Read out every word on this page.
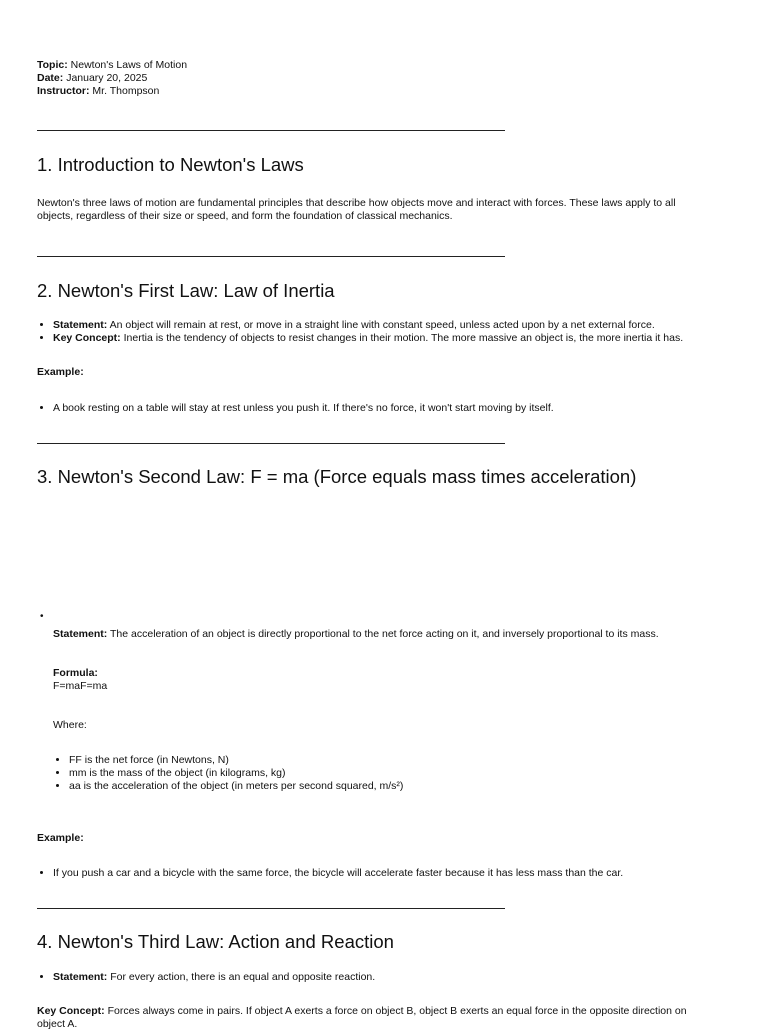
Topic: Newton's Laws of Motion
Date: January 20, 2025
Instructor: Mr. Thompson
1. Introduction to Newton's Laws
Newton's three laws of motion are fundamental principles that describe how objects move and interact with forces. These laws apply to all
objects, regardless of their size or speed, and form the foundation of classical mechanics.
2. Newton's First Law: Law of Inertia
• Statement: An object will remain at rest, or move in a straight line with constant speed, unless acted upon by a net external force.
• Key Concept: Inertia is the tendency of objects to resist changes in their motion. The more massive an object is, the more inertia it has.
Example:
• A book resting on a table will stay at rest unless you push it. If there's no force, it won't start moving by itself.
3. Newton's Second Law: F = ma (Force equals mass times acceleration)
•
Statement: The acceleration of an object is directly proportional to the net force acting on it, and inversely proportional to its mass.
Formula:
F=maF=ma
Where:
• FF is the net force (in Newtons, N)
• mm is the mass of the object (in kilograms, kg)
• aa is the acceleration of the object (in meters per second squared, m/s²)
Example:
• If you push a car and a bicycle with the same force, the bicycle will accelerate faster because it has less mass than the car.
4. Newton's Third Law: Action and Reaction
• Statement: For every action, there is an equal and opposite reaction.
Key Concept: Forces always come in pairs. If object A exerts a force on object B, object B exerts an equal force in the opposite direction on
object A.
